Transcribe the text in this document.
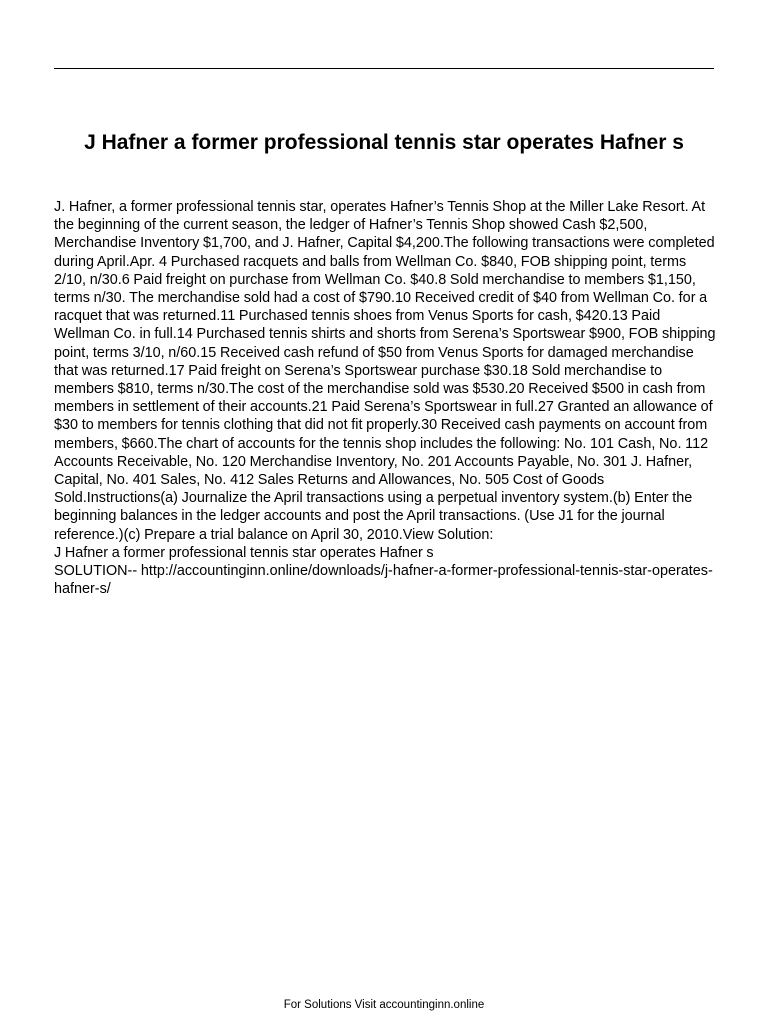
J Hafner a former professional tennis star operates Hafner s

J. Hafner, a former professional tennis star, operates Hafner’s Tennis Shop at the Miller Lake Resort. At the beginning of the current season, the ledger of Hafner’s Tennis Shop showed Cash $2,500, Merchandise Inventory $1,700, and J. Hafner, Capital $4,200.The following transactions were completed during April.Apr. 4 Purchased racquets and balls from Wellman Co. $840, FOB shipping point, terms 2/10, n/30.6 Paid freight on purchase from Wellman Co. $40.8 Sold merchandise to members $1,150, terms n/30. The merchandise sold had a cost of $790.10 Received credit of $40 from Wellman Co. for a racquet that was returned.11 Purchased tennis shoes from Venus Sports for cash, $420.13 Paid Wellman Co. in full.14 Purchased tennis shirts and shorts from Serena’s Sportswear $900, FOB shipping point, terms 3/10, n/60.15 Received cash refund of $50 from Venus Sports for damaged merchandise that was returned.17 Paid freight on Serena’s Sportswear purchase $30.18 Sold merchandise to members $810, terms n/30.The cost of the merchandise sold was $530.20 Received $500 in cash from members in settlement of their accounts.21 Paid Serena’s Sportswear in full.27 Granted an allowance of $30 to members for tennis clothing that did not fit properly.30 Received cash payments on account from members, $660.The chart of accounts for the tennis shop includes the following: No. 101 Cash, No. 112 Accounts Receivable, No. 120 Merchandise Inventory, No. 201 Accounts Payable, No. 301 J. Hafner, Capital, No. 401 Sales, No. 412 Sales Returns and Allowances, No. 505 Cost of Goods Sold.Instructions(a) Journalize the April transactions using a perpetual inventory system.(b) Enter the beginning balances in the ledger accounts and post the April transactions. (Use J1 for the journal reference.)(c) Prepare a trial balance on April 30, 2010.View Solution:

J Hafner a former professional tennis star operates Hafner s

SOLUTION-- http://accountinginn.online/downloads/j-hafner-a-former-professional-tennis-star-operates-hafner-s/

For Solutions Visit accountinginn.online
